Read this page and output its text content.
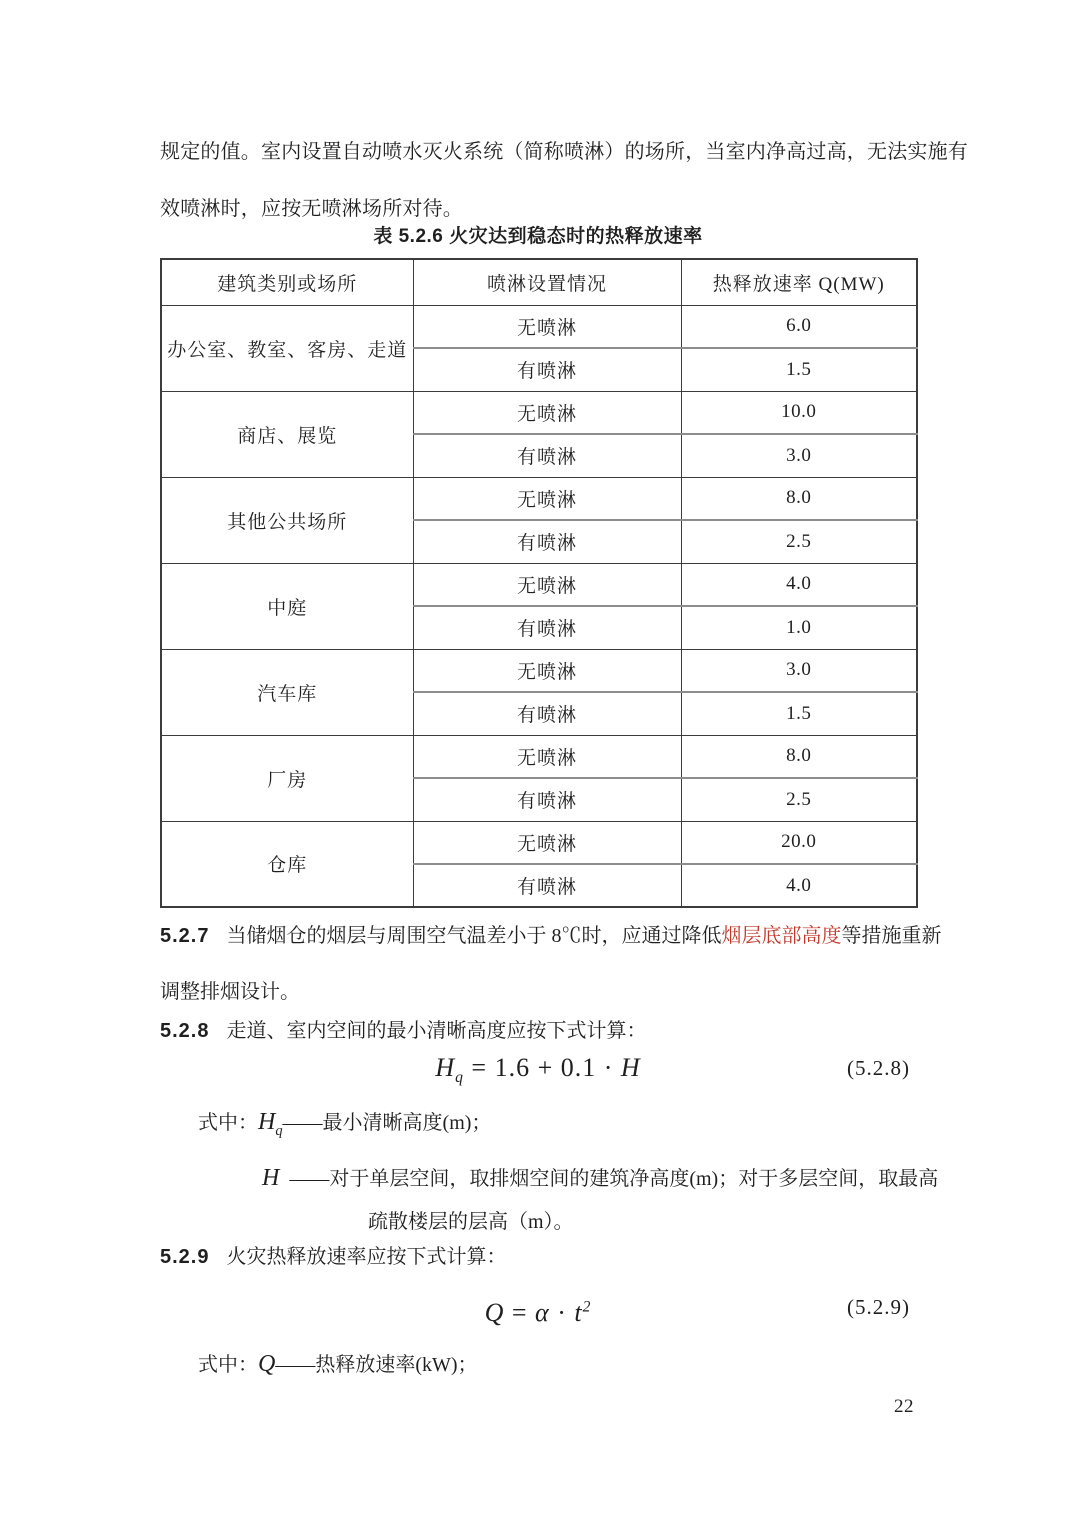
规定的值。室内设置自动喷水灭火系统（简称喷淋）的场所，当室内净高过高，无法实施有
效喷淋时，应按无喷淋场所对待。
表 5.2.6 火灾达到稳态时的热释放速率
建筑类别或场所	喷淋设置情况	热释放速率 Q(MW)
办公室、教室、客房、走道	无喷淋	6.0
	有喷淋	1.5
商店、展览	无喷淋	10.0
	有喷淋	3.0
其他公共场所	无喷淋	8.0
	有喷淋	2.5
中庭	无喷淋	4.0
	有喷淋	1.0
汽车库	无喷淋	3.0
	有喷淋	1.5
厂房	无喷淋	8.0
	有喷淋	2.5
仓库	无喷淋	20.0
	有喷淋	4.0
5.2.7 当储烟仓的烟层与周围空气温差小于 8℃时，应通过降低烟层底部高度等措施重新
调整排烟设计。
5.2.8 走道、室内空间的最小清晰高度应按下式计算：
$H_q = 1.6 + 0.1 \cdot H$	(5.2.8)
式中：$H_q——$最小清晰高度(m)；
H ——对于单层空间，取排烟空间的建筑净高度(m)；对于多层空间，取最高
疏散楼层的层高（m）。
5.2.9 火灾热释放速率应按下式计算：
$Q = \alpha \cdot t^2$	(5.2.9)
式中：Q——热释放速率(kW)；
22
